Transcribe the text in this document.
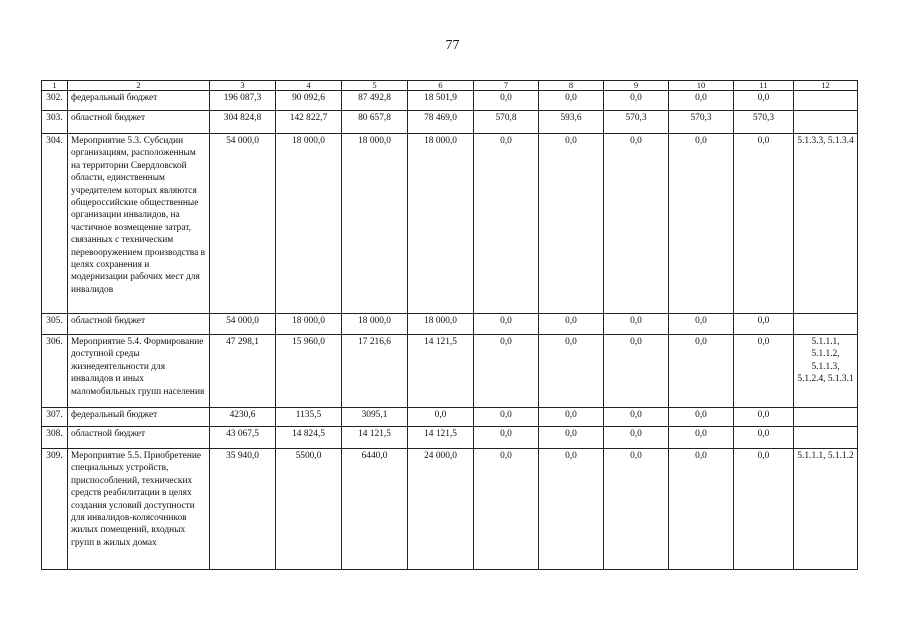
77
1	2	3	4	5	6	7	8	9	10	11	12
302.	федеральный бюджет	196 087,3	90 092,6	87 492,8	18 501,9	0,0	0,0	0,0	0,0	0,0	
303.	областной бюджет	304 824,8	142 822,7	80 657,8	78 469,0	570,8	593,6	570,3	570,3	570,3	
304.	Мероприятие 5.3. Субсидии организациям, расположенным на территории Свердловской области, единственным учредителем которых являются общероссийские общественные организации инвалидов, на частичное возмещение затрат, связанных с техническим перевооружением производства в целях сохранения и модернизации рабочих мест для инвалидов	54 000,0	18 000,0	18 000,0	18 000,0	0,0	0,0	0,0	0,0	0,0	5.1.3.3, 5.1.3.4
305.	областной бюджет	54 000,0	18 000,0	18 000,0	18 000,0	0,0	0,0	0,0	0,0	0,0	
306.	Мероприятие 5.4. Формирование доступной среды жизнедеятельности для инвалидов и иных маломобильных групп населения	47 298,1	15 960,0	17 216,6	14 121,5	0,0	0,0	0,0	0,0	0,0	5.1.1.1, 5.1.1.2, 5.1.1.3, 5.1.2.4, 5.1.3.1
307.	федеральный бюджет	4230,6	1135,5	3095,1	0,0	0,0	0,0	0,0	0,0	0,0	
308.	областной бюджет	43 067,5	14 824,5	14 121,5	14 121,5	0,0	0,0	0,0	0,0	0,0	
309.	Мероприятие 5.5. Приобретение специальных устройств, приспособлений, технических средств реабилитации в целях создания условий доступности для инвалидов-колясочников жилых помещений, входных групп в жилых домах	35 940,0	5500,0	6440,0	24 000,0	0,0	0,0	0,0	0,0	0,0	5.1.1.1, 5.1.1.2
